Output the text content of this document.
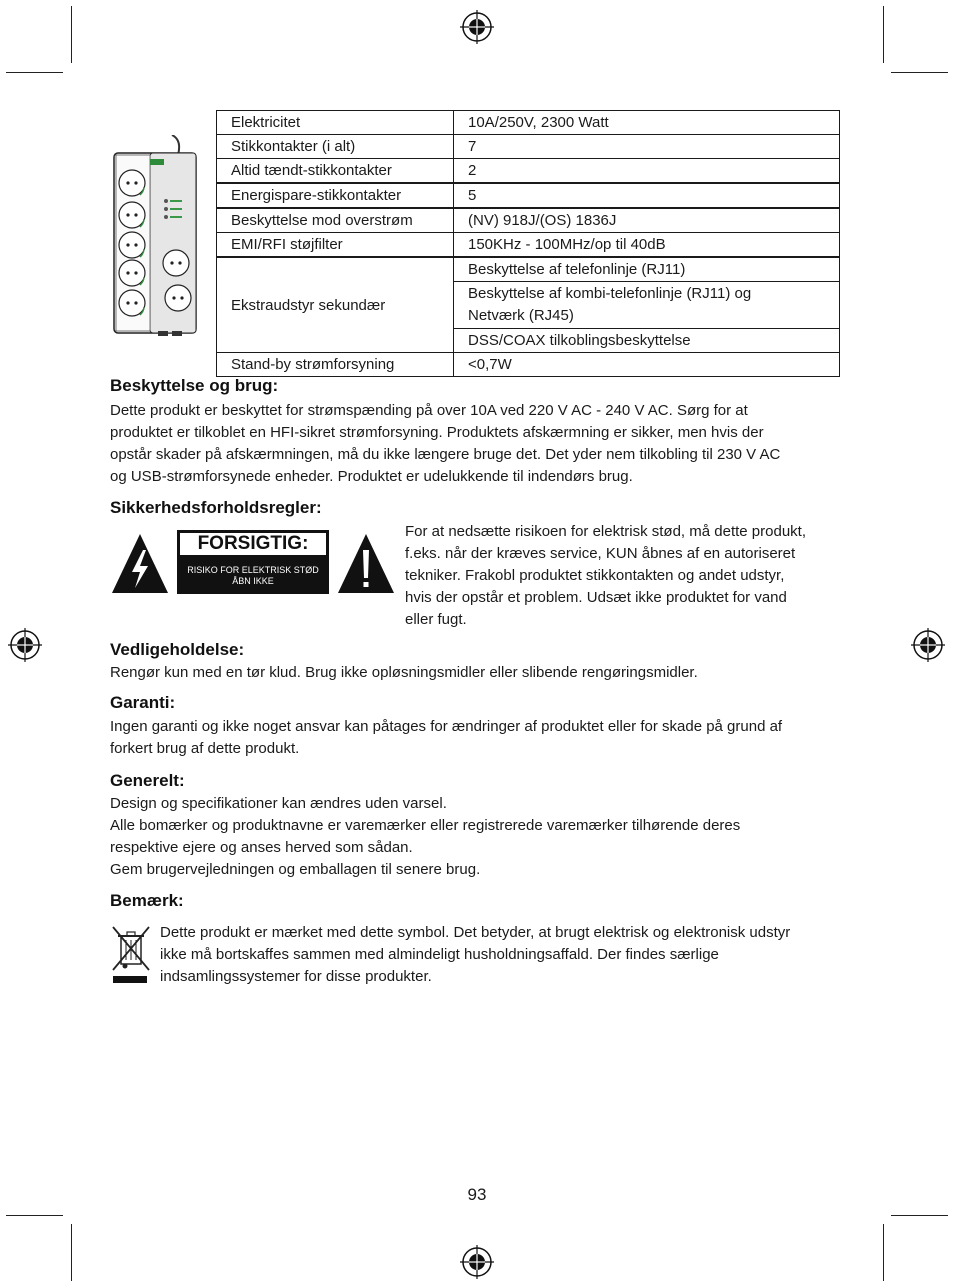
Elektricitet	10A/250V, 2300 Watt
Stikkontakter (i alt)	7
Altid tændt-stikkontakter	2
Energispare-stikkontakter	5
Beskyttelse mod overstrøm	(NV) 918J/(OS) 1836J
EMI/RFI støjfilter	150KHz - 100MHz/op til 40dB
Ekstraudstyr sekundær	Beskyttelse af telefonlinje (RJ11)

	Beskyttelse af kombi-telefonlinje (RJ11) og
Netværk (RJ45)

	DSS/COAX tilkoblingsbeskyttelse
Stand-by strømforsyning	<0,7W
Beskyttelse og brug:

Dette produkt er beskyttet for strømspænding på over 10A ved 220 V AC - 240 V AC. Sørg for at
produktet er tilkoblet en HFI-sikret strømforsyning. Produktets afskærmning er sikker, men hvis der
opstår skader på afskærmningen, må du ikke længere bruge det. Det yder nem tilkobling til 230 V AC
og USB-strømforsynede enheder. Produktet er udelukkende til indendørs brug.

Sikkerhedsforholdsregler:
FORSIGTIG:
RISIKO FOR ELEKTRISK STØD
ÅBN IKKE

For at nedsætte risikoen for elektrisk stød, må dette produkt,
f.eks. når der kræves service, KUN åbnes af en autoriseret
tekniker. Frakobl produktet stikkontakten og andet udstyr,
hvis der opstår et problem. Udsæt ikke produktet for vand
eller fugt.

Vedligeholdelse:

Rengør kun med en tør klud. Brug ikke opløsningsmidler eller slibende rengøringsmidler.

Garanti:

Ingen garanti og ikke noget ansvar kan påtages for ændringer af produktet eller for skade på grund af
forkert brug af dette produkt.

Generelt:

Design og specifikationer kan ændres uden varsel.
Alle bomærker og produktnavne er varemærker eller registrerede varemærker tilhørende deres
respektive ejere og anses herved som sådan.
Gem brugervejledningen og emballagen til senere brug.

Bemærk:

Dette produkt er mærket med dette symbol. Det betyder, at brugt elektrisk og elektronisk udstyr
ikke må bortskaffes sammen med almindeligt husholdningsaffald. Der findes særlige
indsamlingssystemer for disse produkter.

93
